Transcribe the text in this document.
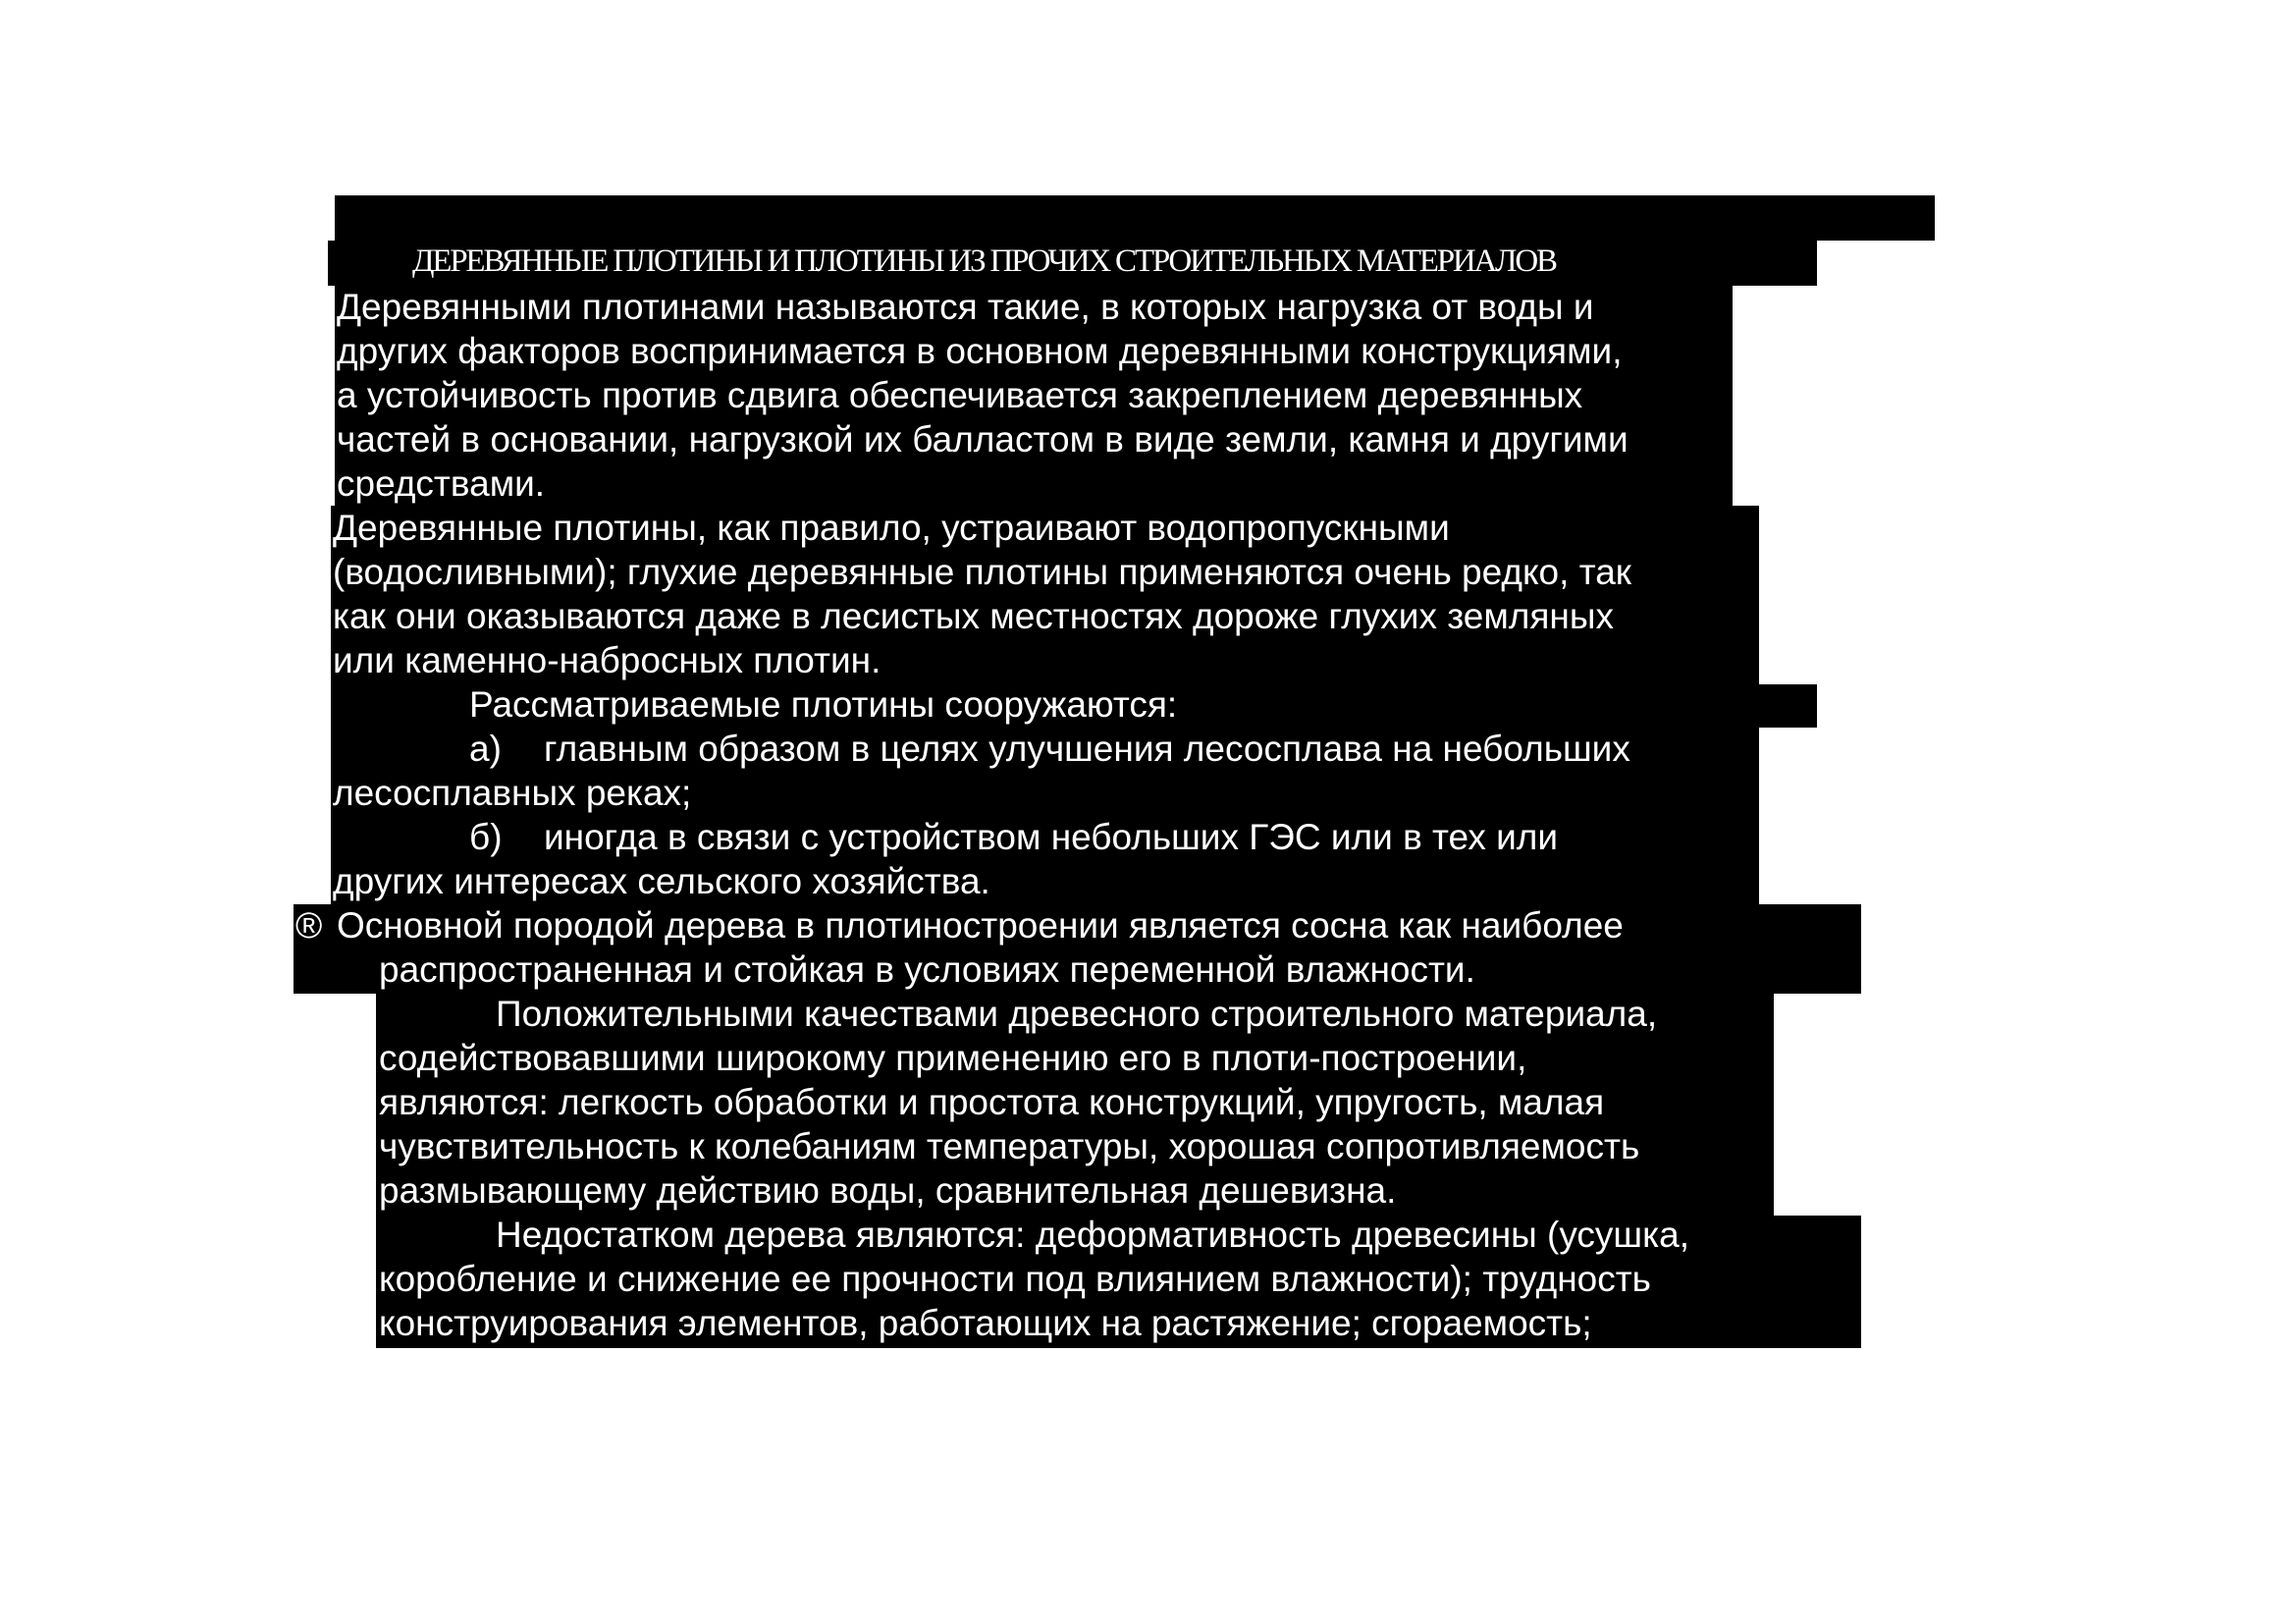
ДЕРЕВЯННЫЕ ПЛОТИНЫ И ПЛОТИНЫ ИЗ ПРОЧИХ СТРОИТЕЛЬНЫХ МАТЕРИАЛОВ
Деревянными плотинами называются такие, в которых нагрузка от воды и
других факторов воспринимается в основном деревянными конструкциями,
а устойчивость против сдвига обеспечивается закреплением деревянных
частей в основании, нагрузкой их балластом в виде земли, камня и другими
средствами.
Деревянные плотины, как правило, устраивают водопропускными
(водосливными); глухие деревянные плотины применяются очень редко, так
как они оказываются даже в лесистых местностях дороже глухих земляных
или каменно-набросных плотин.
Рассматриваемые плотины сооружаются:
а) главным образом в целях улучшения лесосплава на небольших
лесосплавных реках;
б) иногда в связи с устройством небольших ГЭС или в тех или
других интересах сельского хозяйства.
® Основной породой дерева в плотиностроении является сосна как наиболее
распространенная и стойкая в условиях переменной влажности.
Положительными качествами древесного строительного материала,
содействовавшими широкому применению его в плоти-построении,
являются: легкость обработки и простота конструкций, упругость, малая
чувствительность к колебаниям температуры, хорошая сопротивляемость
размывающему действию воды, сравнительная дешевизна.
Недостатком дерева являются: деформативность древесины (усушка,
коробление и снижение ее прочности под влиянием влажности); трудность
конструирования элементов, работающих на растяжение; сгораемость;
